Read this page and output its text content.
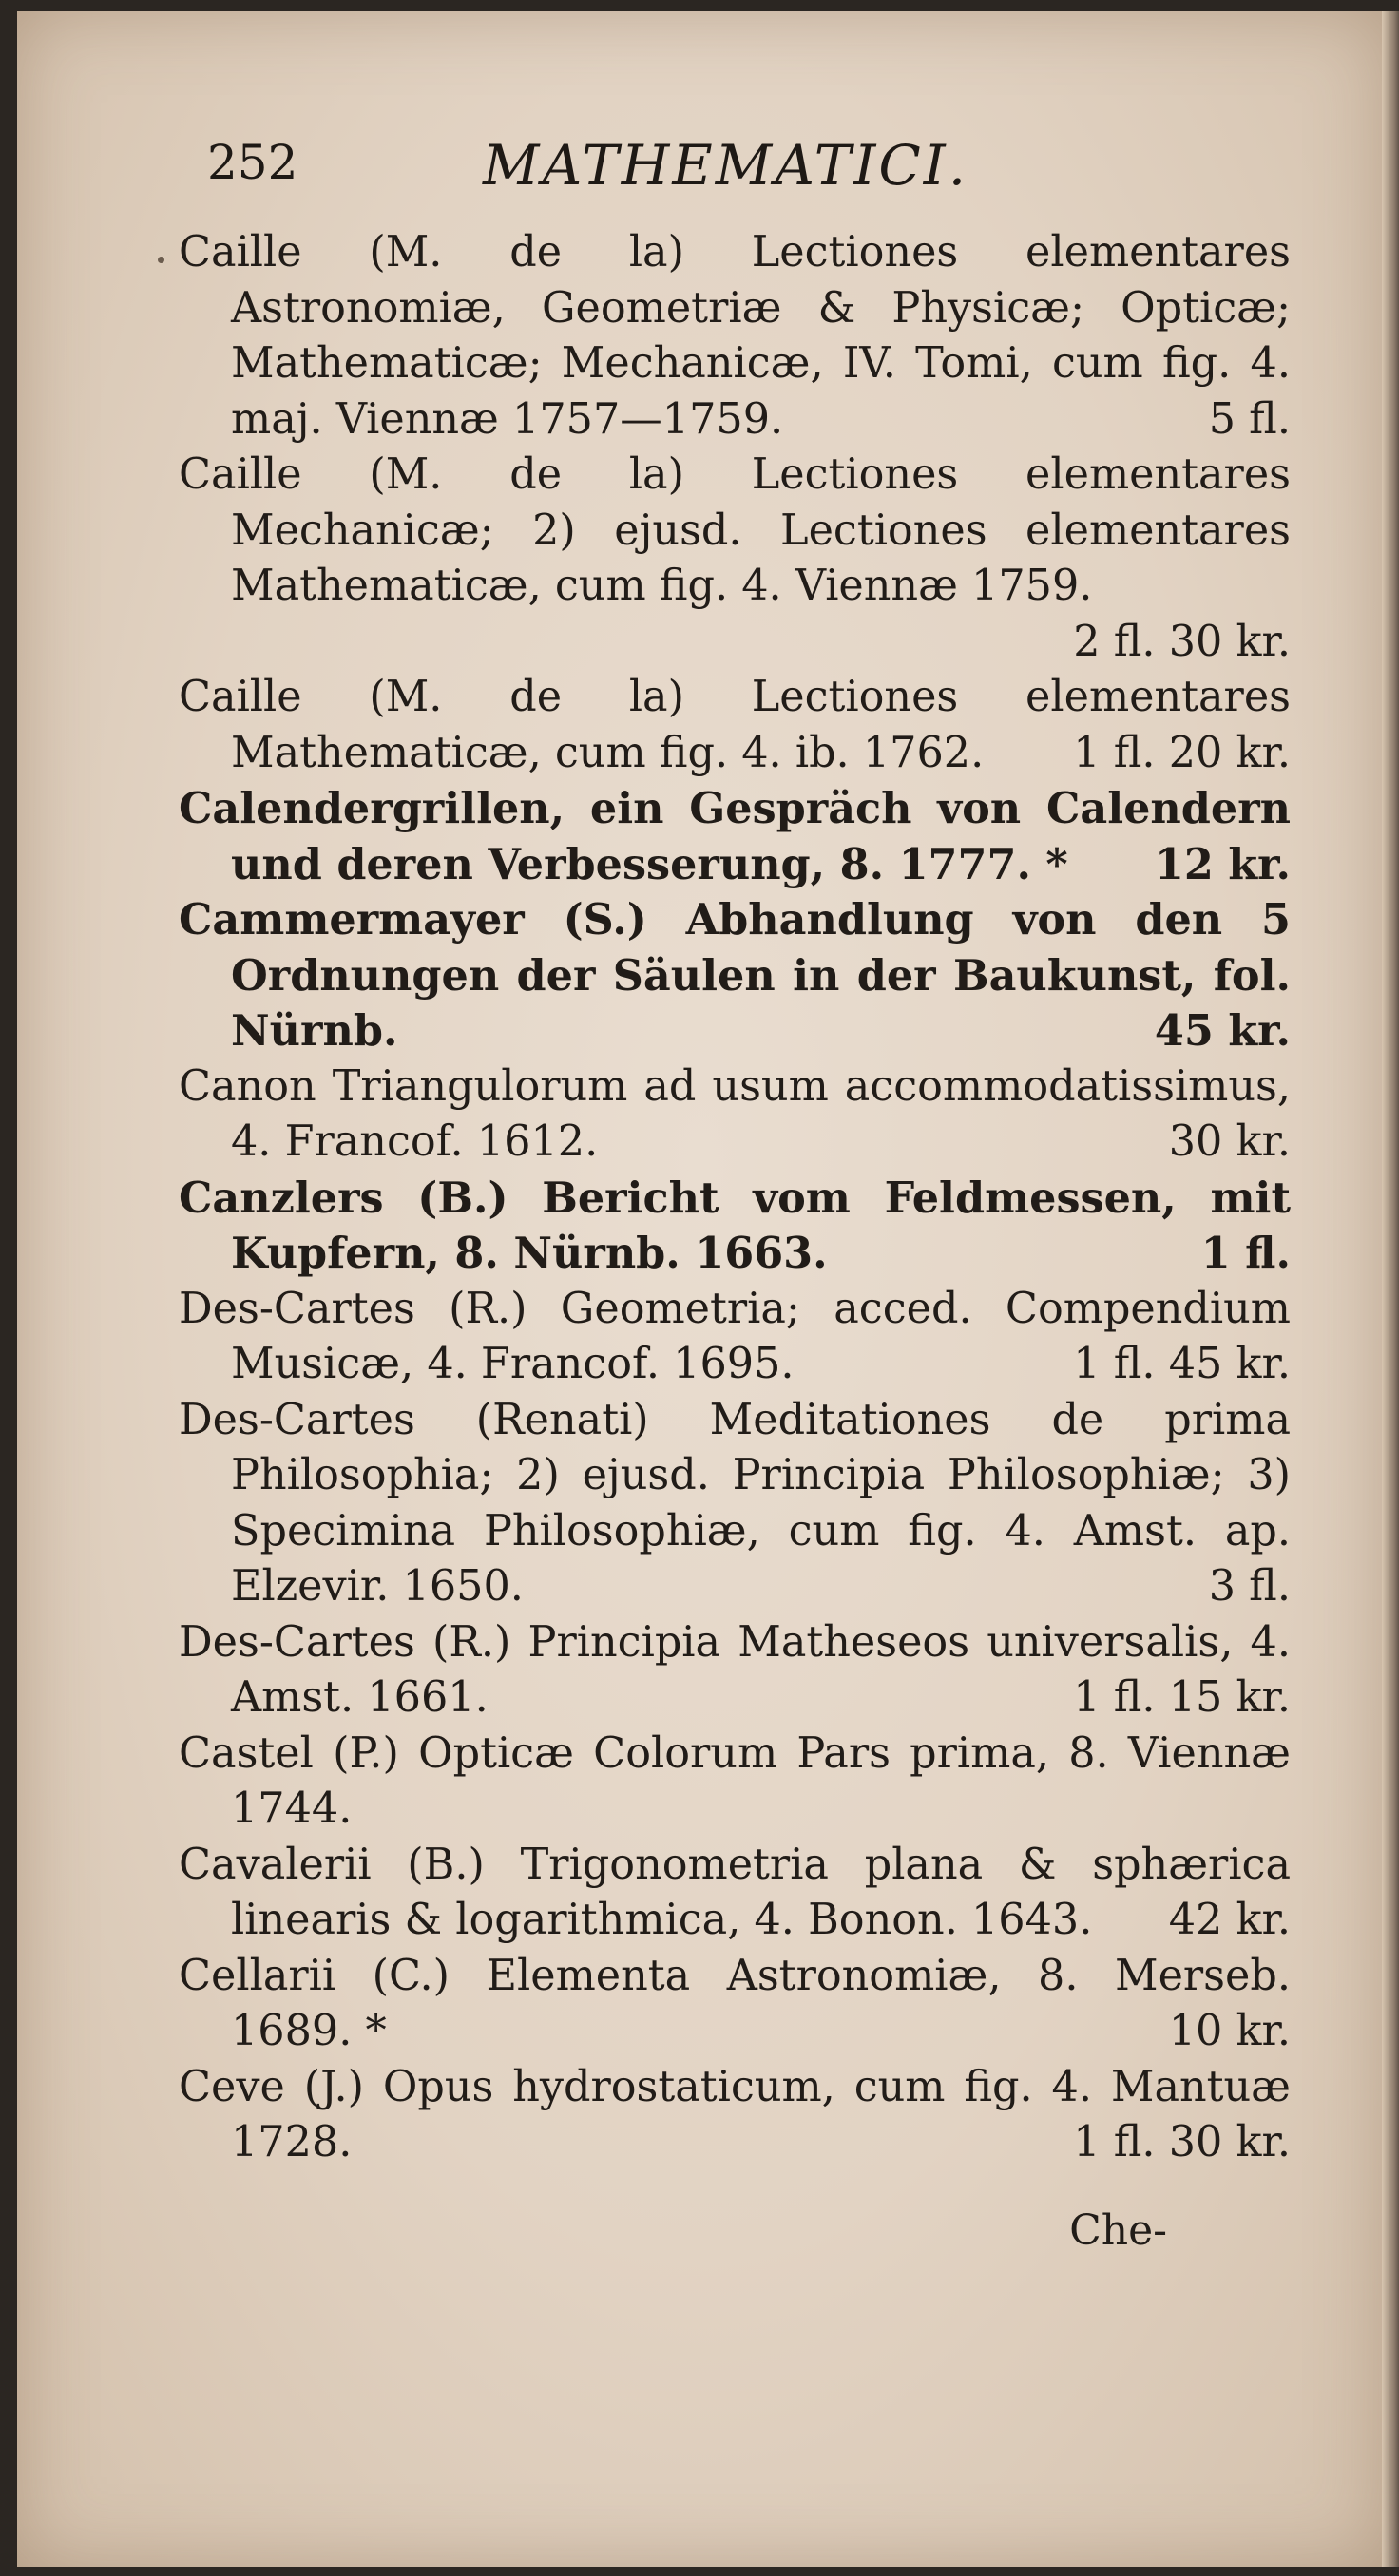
252	MATHEMATICI.

Caille (M. de la) Lectiones elementares Astronomiæ, Geometriæ & Physicæ; Opticæ; Mathematicæ; Mechanicæ, IV. Tomi, cum fig. 4. maj. Viennæ 1757—1759.	5 fl.

Caille (M. de la) Lectiones elementares Mechanicæ; 2) ejusd. Lectiones elementares Mathematicæ, cum fig. 4. Viennæ 1759.
2 fl. 30 kr.

Caille (M. de la) Lectiones elementares Mathematicæ, cum fig. 4. ib. 1762.	1 fl. 20 kr.

Calendergrillen, ein Gespräch von Calendern und deren Verbesserung, 8. 1777. *	12 kr.

Cammermayer (S.) Abhandlung von den 5 Ordnungen der Säulen in der Baukunst, fol. Nürnb.	45 kr.

Canon Triangulorum ad usum accommodatissimus, 4. Francof. 1612.	30 kr.

Canzlers (B.) Bericht vom Feldmessen, mit Kupfern, 8. Nürnb. 1663.	1 fl.

Des-Cartes (R.) Geometria; acced. Compendium Musicæ, 4. Francof. 1695.	1 fl. 45 kr.

Des-Cartes (Renati) Meditationes de prima Philosophia; 2) ejusd. Principia Philosophiæ; 3) Specimina Philosophiæ, cum fig. 4. Amst. ap. Elzevir. 1650.	3 fl.

Des-Cartes (R.) Principia Matheseos universalis, 4. Amst. 1661.	1 fl. 15 kr.

Castel (P.) Opticæ Colorum Pars prima, 8. Viennæ 1744.

Cavalerii (B.) Trigonometria plana & sphærica linearis & logarithmica, 4. Bonon. 1643.	42 kr.

Cellarii (C.) Elementa Astronomiæ, 8. Merseb. 1689. *	10 kr.

Ceve (J.) Opus hydrostaticum, cum fig. 4. Mantuæ 1728.	1 fl. 30 kr.

Che-
